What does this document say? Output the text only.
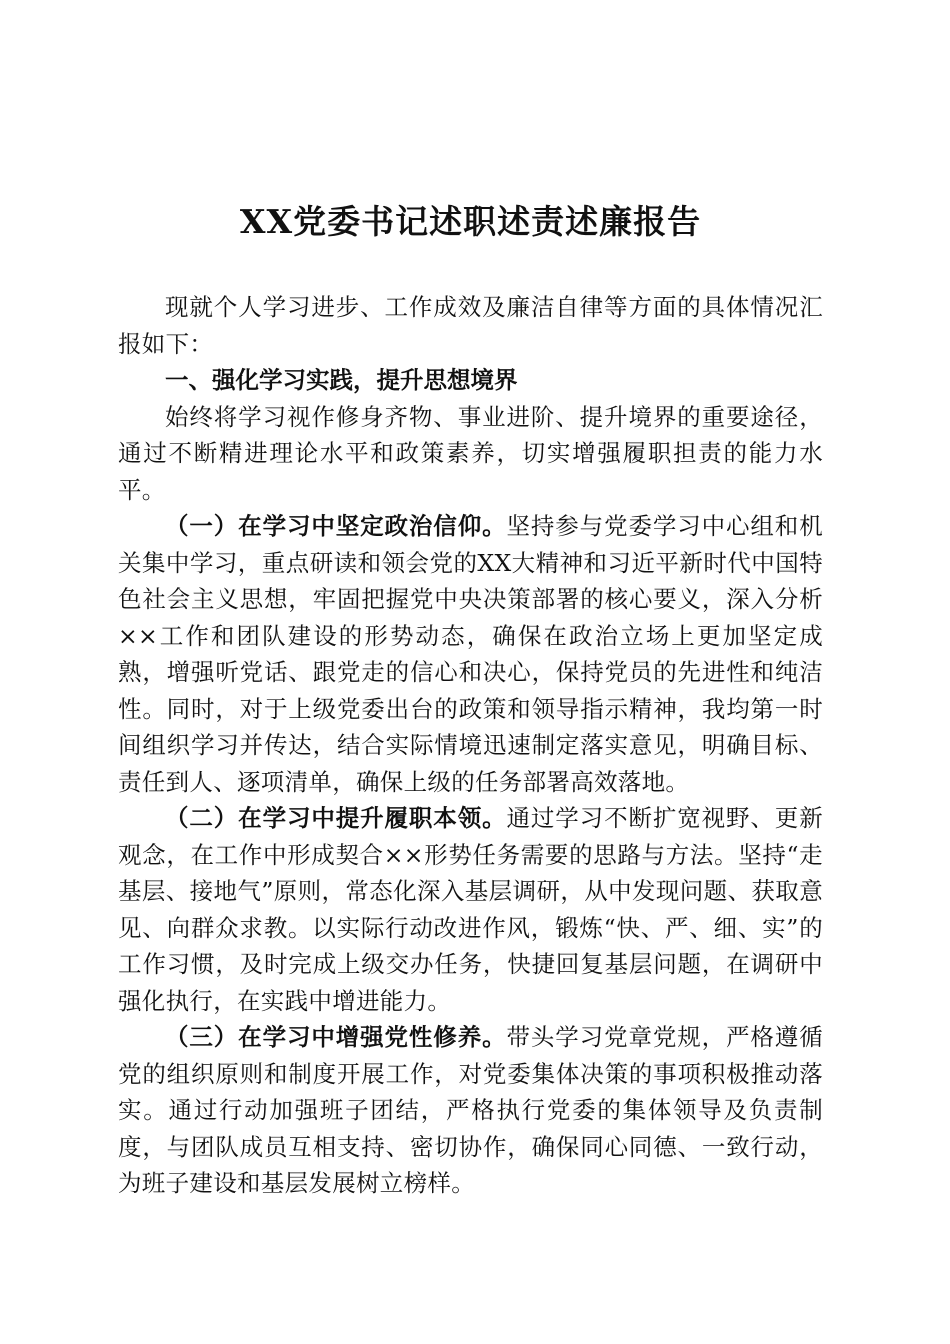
XX党委书记述职述责述廉报告

现就个人学习进步、工作成效及廉洁自律等方面的具体情况汇报如下：

一、强化学习实践，提升思想境界

始终将学习视作修身齐物、事业进阶、提升境界的重要途径，通过不断精进理论水平和政策素养，切实增强履职担责的能力水平。

（一）在学习中坚定政治信仰。坚持参与党委学习中心组和机关集中学习，重点研读和领会党的XX大精神和习近平新时代中国特色社会主义思想，牢固把握党中央决策部署的核心要义，深入分析××工作和团队建设的形势动态，确保在政治立场上更加坚定成熟，增强听党话、跟党走的信心和决心，保持党员的先进性和纯洁性。同时，对于上级党委出台的政策和领导指示精神，我均第一时间组织学习并传达，结合实际情境迅速制定落实意见，明确目标、责任到人、逐项清单，确保上级的任务部署高效落地。

（二）在学习中提升履职本领。通过学习不断扩宽视野、更新观念，在工作中形成契合××形势任务需要的思路与方法。坚持“走基层、接地气”原则，常态化深入基层调研，从中发现问题、获取意见、向群众求教。以实际行动改进作风，锻炼“快、严、细、实”的工作习惯，及时完成上级交办任务，快捷回复基层问题，在调研中强化执行，在实践中增进能力。

（三）在学习中增强党性修养。带头学习党章党规，严格遵循党的组织原则和制度开展工作，对党委集体决策的事项积极推动落实。通过行动加强班子团结，严格执行党委的集体领导及负责制度，与团队成员互相支持、密切协作，确保同心同德、一致行动，为班子建设和基层发展树立榜样。
